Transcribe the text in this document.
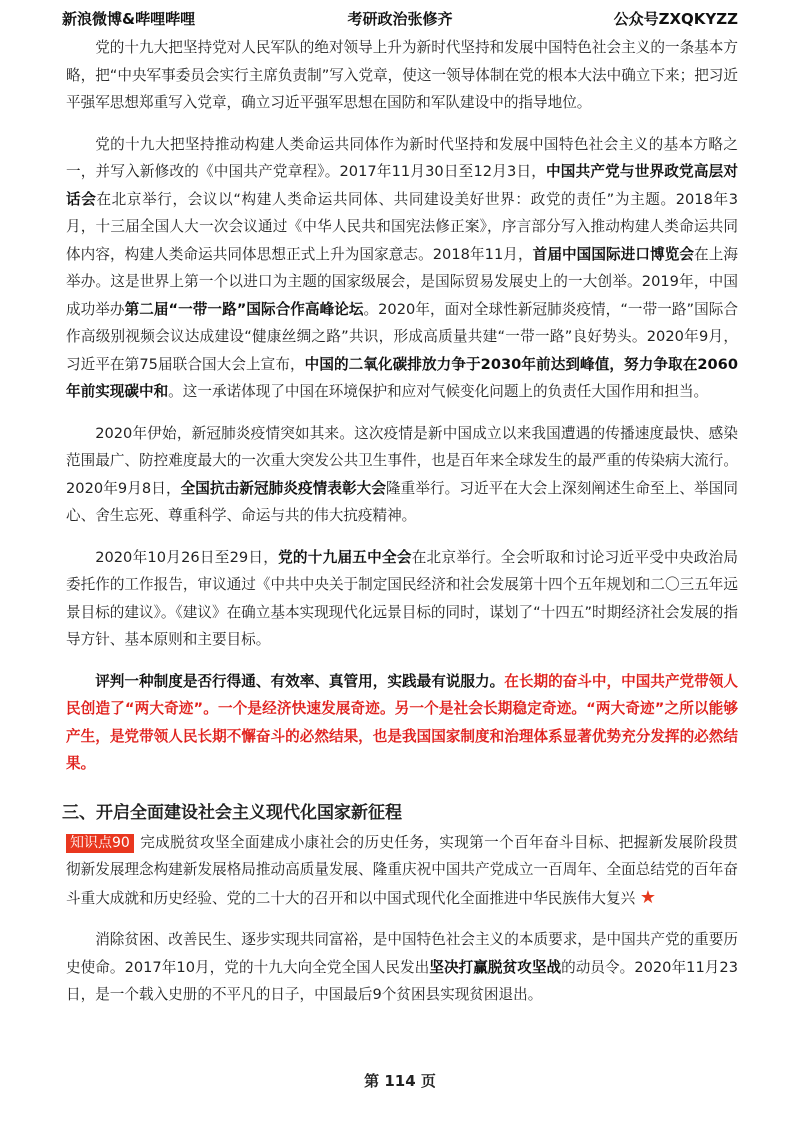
新浪微博&哔哩哔哩	考研政治张修齐	公众号ZXQKYZZ

党的十九大把坚持党对人民军队的绝对领导上升为新时代坚持和发展中国特色社会主义的一条基本方略，把“中央军事委员会实行主席负责制”写入党章，使这一领导体制在党的根本大法中确立下来；把习近平强军思想郑重写入党章，确立习近平强军思想在国防和军队建设中的指导地位。

党的十九大把坚持推动构建人类命运共同体作为新时代坚持和发展中国特色社会主义的基本方略之一，并写入新修改的《中国共产党章程》。2017年11月30日至12月3日，中国共产党与世界政党高层对话会在北京举行，会议以“构建人类命运共同体、共同建设美好世界：政党的责任”为主题。2018年3月，十三届全国人大一次会议通过《中华人民共和国宪法修正案》，序言部分写入推动构建人类命运共同体内容，构建人类命运共同体思想正式上升为国家意志。2018年11月，首届中国国际进口博览会在上海举办。这是世界上第一个以进口为主题的国家级展会，是国际贸易发展史上的一大创举。2019年，中国成功举办第二届“一带一路”国际合作高峰论坛。2020年，面对全球性新冠肺炎疫情，“一带一路”国际合作高级别视频会议达成建设“健康丝绸之路”共识，形成高质量共建“一带一路”良好势头。2020年9月，习近平在第75届联合国大会上宣布，中国的二氧化碳排放力争于2030年前达到峰值，努力争取在2060年前实现碳中和。这一承诺体现了中国在环境保护和应对气候变化问题上的负责任大国作用和担当。

2020年伊始，新冠肺炎疫情突如其来。这次疫情是新中国成立以来我国遭遇的传播速度最快、感染范围最广、防控难度最大的一次重大突发公共卫生事件，也是百年来全球发生的最严重的传染病大流行。2020年9月8日，全国抗击新冠肺炎疫情表彰大会隆重举行。习近平在大会上深刻阐述生命至上、举国同心、舍生忘死、尊重科学、命运与共的伟大抗疫精神。

2020年10月26日至29日，党的十九届五中全会在北京举行。全会听取和讨论习近平受中央政治局委托作的工作报告，审议通过《中共中央关于制定国民经济和社会发展第十四个五年规划和二〇三五年远景目标的建议》。《建议》在确立基本实现现代化远景目标的同时，谋划了“十四五”时期经济社会发展的指导方针、基本原则和主要目标。

评判一种制度是否行得通、有效率、真管用，实践最有说服力。在长期的奋斗中，中国共产党带领人民创造了“两大奇迹”。一个是经济快速发展奇迹。另一个是社会长期稳定奇迹。“两大奇迹”之所以能够产生，是党带领人民长期不懈奋斗的必然结果，也是我国国家制度和治理体系显著优势充分发挥的必然结果。

三、开启全面建设社会主义现代化国家新征程

知识点90 完成脱贫攻坚全面建成小康社会的历史任务，实现第一个百年奋斗目标、把握新发展阶段贯彻新发展理念构建新发展格局推动高质量发展、隆重庆祝中国共产党成立一百周年、全面总结党的百年奋斗重大成就和历史经验、党的二十大的召开和以中国式现代化全面推进中华民族伟大复兴 ★

消除贫困、改善民生、逐步实现共同富裕，是中国特色社会主义的本质要求，是中国共产党的重要历史使命。2017年10月，党的十九大向全党全国人民发出坚决打赢脱贫攻坚战的动员令。2020年11月23日，是一个载入史册的不平凡的日子，中国最后9个贫困县实现贫困退出。

第 114 页
